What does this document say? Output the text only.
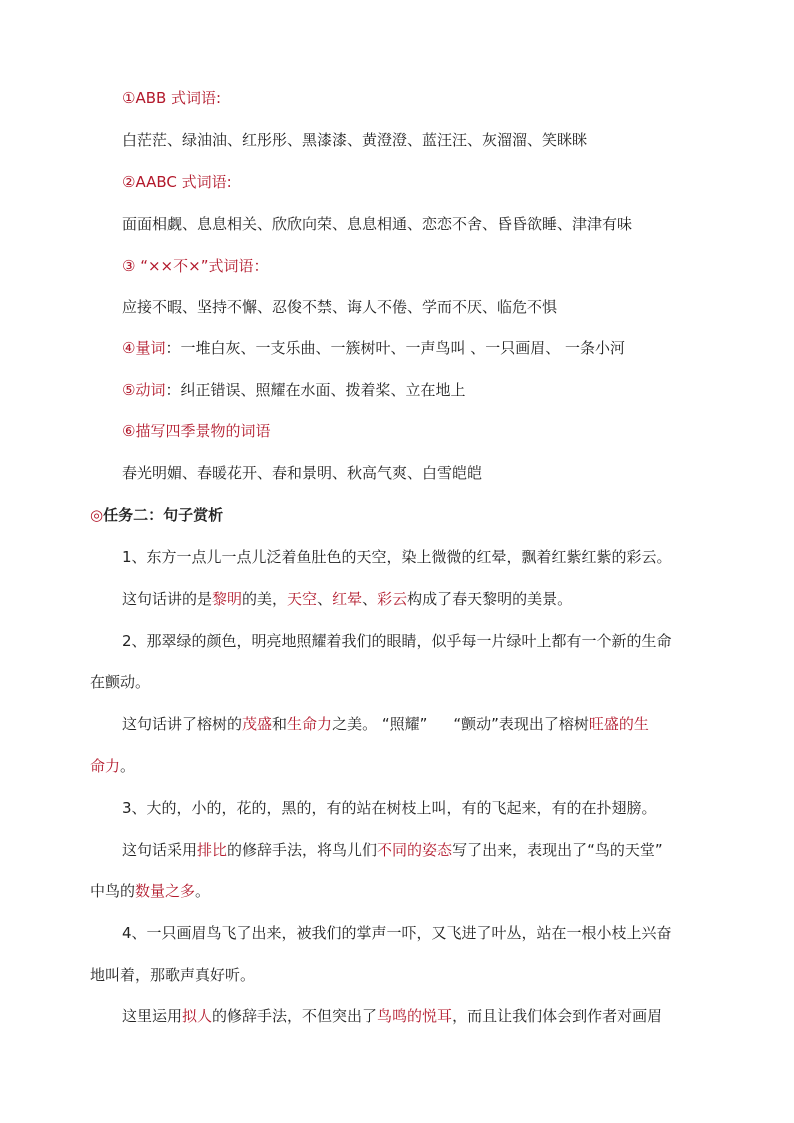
①ABB 式词语:
白茫茫、绿油油、红彤彤、黑漆漆、黄澄澄、蓝汪汪、灰溜溜、笑眯眯
②AABC 式词语:
面面相觑、息息相关、欣欣向荣、息息相通、恋恋不舍、昏昏欲睡、津津有味
③ “××不×”式词语：
应接不暇、坚持不懈、忍俊不禁、诲人不倦、学而不厌、临危不惧
④量词：一堆白灰、一支乐曲、一簇树叶、一声鸟叫 、一只画眉、 一条小河
⑤动词：纠正错误、照耀在水面、拨着桨、立在地上
⑥描写四季景物的词语
春光明媚、春暖花开、春和景明、秋高气爽、白雪皑皑
◎任务二：句子赏析
1、东方一点儿一点儿泛着鱼肚色的天空，染上微微的红晕，飘着红紫红紫的彩云。
这句话讲的是黎明的美，天空、红晕、彩云构成了春天黎明的美景。
2、那翠绿的颜色，明亮地照耀着我们的眼睛，似乎每一片绿叶上都有一个新的生命
在颤动。
这句话讲了榕树的茂盛和生命力之美。 “照耀” “颤动”表现出了榕树旺盛的生
命力。
3、大的，小的，花的，黑的，有的站在树枝上叫，有的飞起来，有的在扑翅膀。
这句话采用排比的修辞手法，将鸟儿们不同的姿态写了出来，表现出了“鸟的天堂”
中鸟的数量之多。
4、一只画眉鸟飞了出来，被我们的掌声一吓，又飞进了叶丛，站在一根小枝上兴奋
地叫着，那歌声真好听。
这里运用拟人的修辞手法，不但突出了鸟鸣的悦耳，而且让我们体会到作者对画眉
